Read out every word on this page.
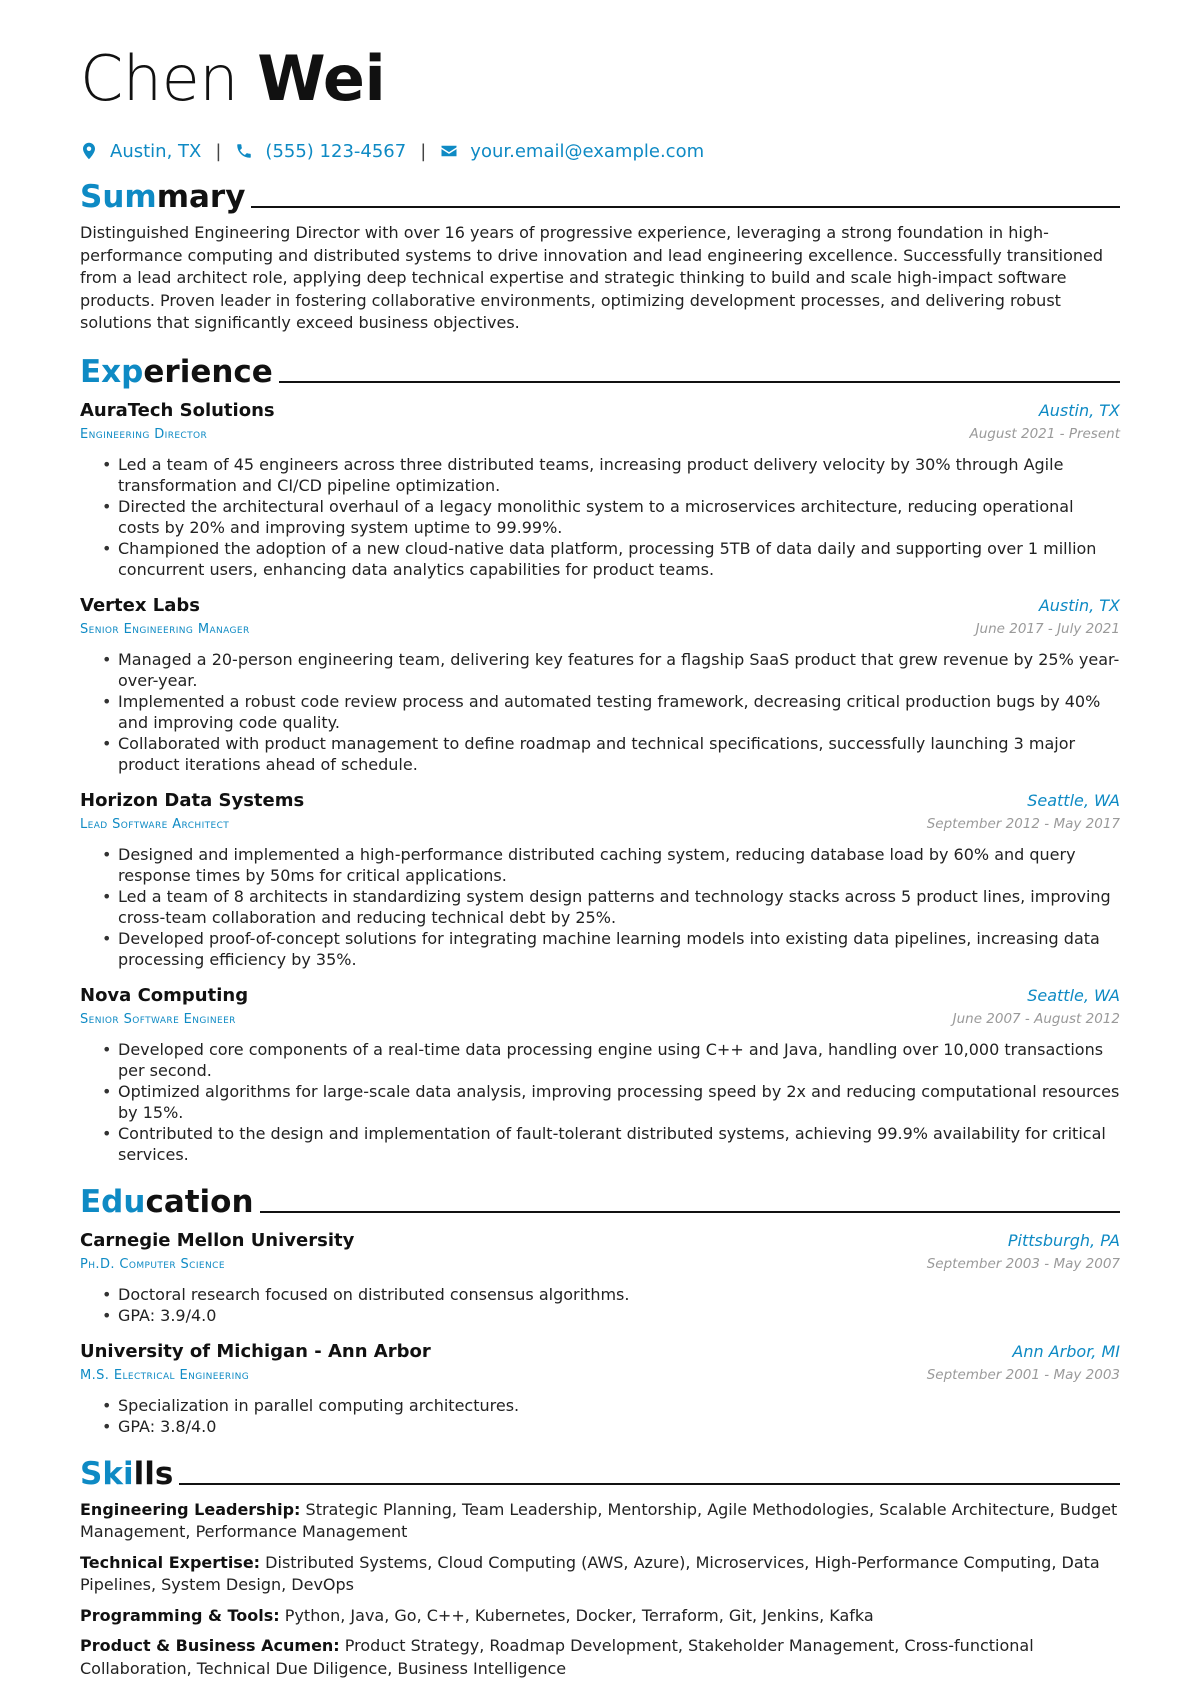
Chen Wei
Austin, TX | (555) 123-4567 | your.email@example.com
Summary
Distinguished Engineering Director with over 16 years of progressive experience, leveraging a strong foundation in high-performance computing and distributed systems to drive innovation and lead engineering excellence. Successfully transitioned from a lead architect role, applying deep technical expertise and strategic thinking to build and scale high-impact software products. Proven leader in fostering collaborative environments, optimizing development processes, and delivering robust solutions that significantly exceed business objectives.
Experience
AuraTech Solutions	Austin, TX
Engineering Director	August 2021 - Present
• Led a team of 45 engineers across three distributed teams, increasing product delivery velocity by 30% through Agile transformation and CI/CD pipeline optimization.
• Directed the architectural overhaul of a legacy monolithic system to a microservices architecture, reducing operational costs by 20% and improving system uptime to 99.99%.
• Championed the adoption of a new cloud-native data platform, processing 5TB of data daily and supporting over 1 million concurrent users, enhancing data analytics capabilities for product teams.
Vertex Labs	Austin, TX
Senior Engineering Manager	June 2017 - July 2021
• Managed a 20-person engineering team, delivering key features for a flagship SaaS product that grew revenue by 25% year-over-year.
• Implemented a robust code review process and automated testing framework, decreasing critical production bugs by 40% and improving code quality.
• Collaborated with product management to define roadmap and technical specifications, successfully launching 3 major product iterations ahead of schedule.
Horizon Data Systems	Seattle, WA
Lead Software Architect	September 2012 - May 2017
• Designed and implemented a high-performance distributed caching system, reducing database load by 60% and query response times by 50ms for critical applications.
• Led a team of 8 architects in standardizing system design patterns and technology stacks across 5 product lines, improving cross-team collaboration and reducing technical debt by 25%.
• Developed proof-of-concept solutions for integrating machine learning models into existing data pipelines, increasing data processing efficiency by 35%.
Nova Computing	Seattle, WA
Senior Software Engineer	June 2007 - August 2012
• Developed core components of a real-time data processing engine using C++ and Java, handling over 10,000 transactions per second.
• Optimized algorithms for large-scale data analysis, improving processing speed by 2x and reducing computational resources by 15%.
• Contributed to the design and implementation of fault-tolerant distributed systems, achieving 99.9% availability for critical services.
Education
Carnegie Mellon University	Pittsburgh, PA
Ph.D. Computer Science	September 2003 - May 2007
• Doctoral research focused on distributed consensus algorithms.
• GPA: 3.9/4.0
University of Michigan - Ann Arbor	Ann Arbor, MI
M.S. Electrical Engineering	September 2001 - May 2003
• Specialization in parallel computing architectures.
• GPA: 3.8/4.0
Skills
Engineering Leadership: Strategic Planning, Team Leadership, Mentorship, Agile Methodologies, Scalable Architecture, Budget Management, Performance Management
Technical Expertise: Distributed Systems, Cloud Computing (AWS, Azure), Microservices, High-Performance Computing, Data Pipelines, System Design, DevOps
Programming & Tools: Python, Java, Go, C++, Kubernetes, Docker, Terraform, Git, Jenkins, Kafka
Product & Business Acumen: Product Strategy, Roadmap Development, Stakeholder Management, Cross-functional Collaboration, Technical Due Diligence, Business Intelligence
